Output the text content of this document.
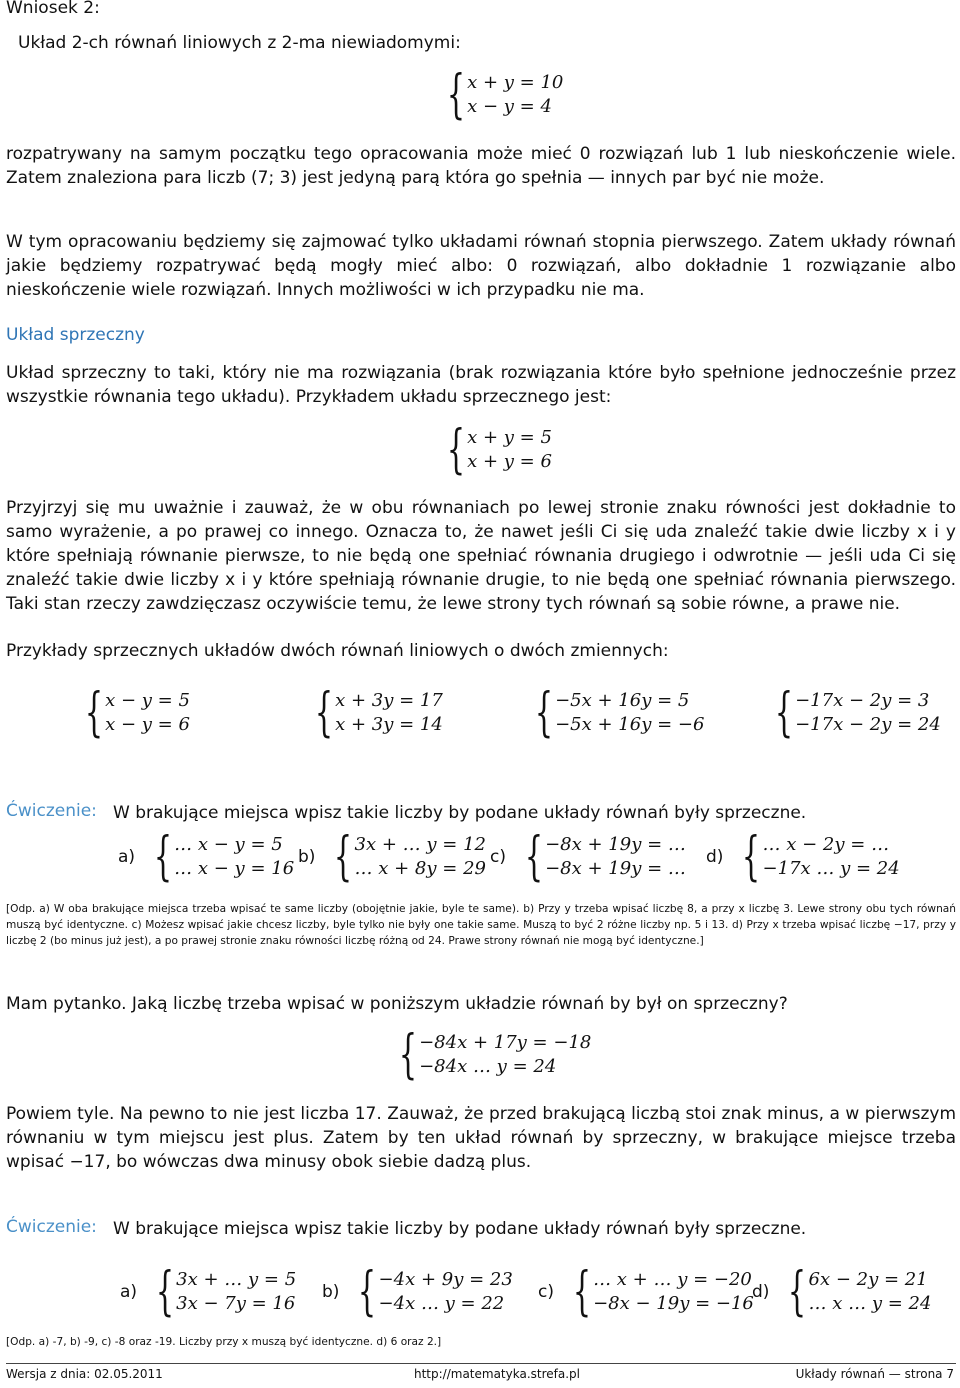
Wniosek 2:
Układ 2-ch równań liniowych z 2-ma niewiadomymi:
{ x + y = 10
x − y = 4
rozpatrywany na samym początku tego opracowania może mieć 0 rozwiązań lub 1 lub nieskończenie wiele. Zatem znaleziona para liczb (7; 3) jest jedyną parą która go spełnia — innych par być nie może.
W tym opracowaniu będziemy się zajmować tylko układami równań stopnia pierwszego. Zatem układy równań jakie będziemy rozpatrywać będą mogły mieć albo: 0 rozwiązań, albo dokładnie 1 rozwiązanie albo nieskończenie wiele rozwiązań. Innych możliwości w ich przypadku nie ma.
Układ sprzeczny
Układ sprzeczny to taki, który nie ma rozwiązania (brak rozwiązania które było spełnione jednocześnie przez wszystkie równania tego układu). Przykładem układu sprzecznego jest:
{ x + y = 5
x + y = 6
Przyjrzyj się mu uważnie i zauważ, że w obu równaniach po lewej stronie znaku równości jest dokładnie to samo wyrażenie, a po prawej co innego. Oznacza to, że nawet jeśli Ci się uda znaleźć takie dwie liczby x i y które spełniają równanie pierwsze, to nie będą one spełniać równania drugiego i odwrotnie — jeśli uda Ci się znaleźć takie dwie liczby x i y które spełniają równanie drugie, to nie będą one spełniać równania pierwszego. Taki stan rzeczy zawdzięczasz oczywiście temu, że lewe strony tych równań są sobie równe, a prawe nie.
Przykłady sprzecznych układów dwóch równań liniowych o dwóch zmiennych:
{ x − y = 5
x − y = 6 { x + 3y = 17
x + 3y = 14 { −5x + 16y = 5
−5x + 16y = −6 { −17x − 2y = 3
−17x − 2y = 24
Ćwiczenie: W brakujące miejsca wpisz takie liczby by podane układy równań były sprzeczne.
a) { … x − y = 5
… x − y = 16
b) { 3x + … y = 12
… x + 8y = 29
c) { −8x + 19y = …
−8x + 19y = …
d) { … x − 2y = …
−17x … y = 24
[Odp. a) W oba brakujące miejsca trzeba wpisać te same liczby (obojętnie jakie, byle te same). b) Przy y trzeba wpisać liczbę 8, a przy x liczbę 3. Lewe strony obu tych równań muszą być identyczne. c) Możesz wpisać jakie chcesz liczby, byle tylko nie były one takie same. Muszą to być 2 różne liczby np. 5 i 13. d) Przy x trzeba wpisać liczbę −17, przy y liczbę 2 (bo minus już jest), a po prawej stronie znaku równości liczbę różną od 24. Prawe strony równań nie mogą być identyczne.]
Mam pytanko. Jaką liczbę trzeba wpisać w poniższym układzie równań by był on sprzeczny?
{ −84x + 17y = −18
−84x … y = 24
Powiem tyle. Na pewno to nie jest liczba 17. Zauważ, że przed brakującą liczbą stoi znak minus, a w pierwszym równaniu w tym miejscu jest plus. Zatem by ten układ równań by sprzeczny, w brakujące miejsce trzeba wpisać −17, bo wówczas dwa minusy obok siebie dadzą plus.
Ćwiczenie: W brakujące miejsca wpisz takie liczby by podane układy równań były sprzeczne.
a) { 3x + … y = 5
3x − 7y = 16
b) { −4x + 9y = 23
−4x … y = 22
c) { … x + … y = −20
−8x − 19y = −16
d) { 6x − 2y = 21
… x … y = 24
[Odp. a) -7, b) -9, c) -8 oraz -19. Liczby przy x muszą być identyczne. d) 6 oraz 2.]
Wersja z dnia: 02.05.2011	http://matematyka.strefa.pl	Układy równań — strona 7
